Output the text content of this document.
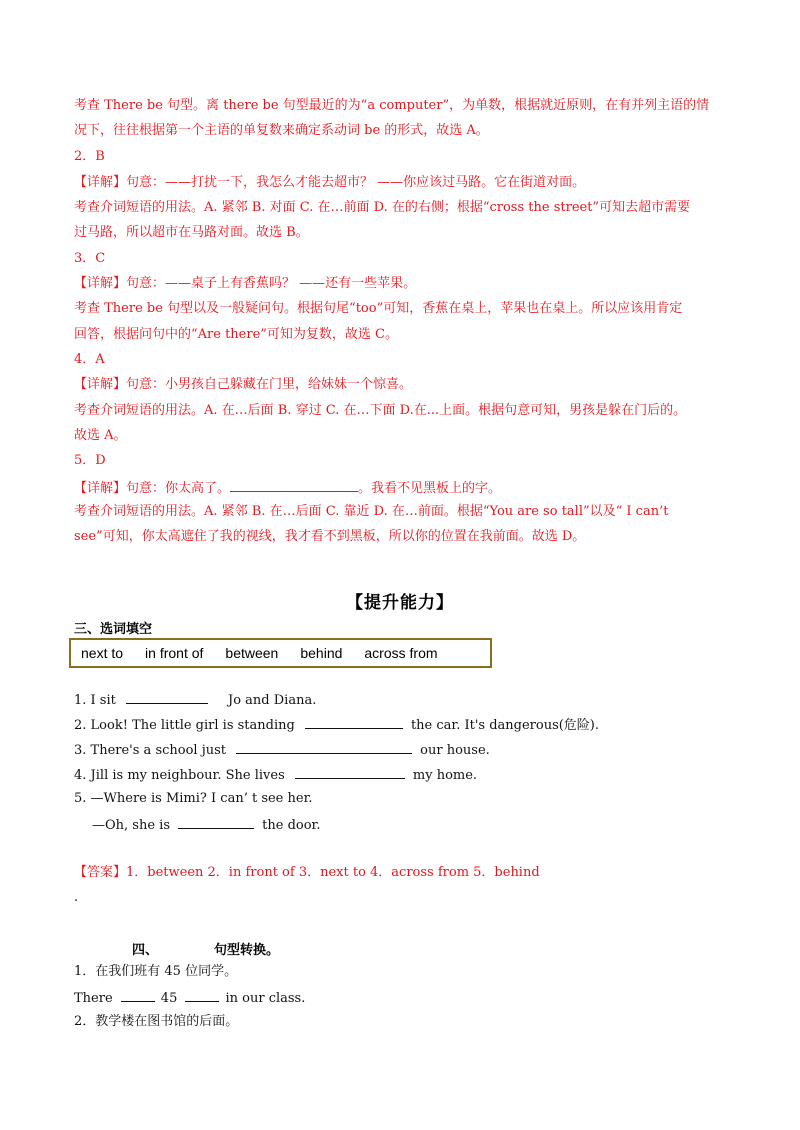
考查 There be 句型。离 there be 句型最近的为“a computer”，为单数，根据就近原则，在有并列主语的情
况下，往往根据第一个主语的单复数来确定系动词 be 的形式，故选 A。
2．B
【详解】句意：——打扰一下，我怎么才能去超市？ ——你应该过马路。它在街道对面。
考查介词短语的用法。A. 紧邻 B. 对面 C. 在…前面 D. 在的右侧；根据“cross the street”可知去超市需要
过马路，所以超市在马路对面。故选 B。
3．C
【详解】句意：——桌子上有香蕉吗？ ——还有一些苹果。
考查 There be 句型以及一般疑问句。根据句尾“too”可知，香蕉在桌上，苹果也在桌上。所以应该用肯定
回答，根据问句中的“Are there”可知为复数，故选 C。
4．A
【详解】句意：小男孩自己躲藏在门里，给妹妹一个惊喜。
考查介词短语的用法。A. 在…后面 B. 穿过 C. 在…下面 D.在...上面。根据句意可知，男孩是躲在门后的。
故选 A。
5．D
【详解】句意：你太高了。	。我看不见黑板上的字。
考查介词短语的用法。A. 紧邻 B. 在…后面 C. 靠近 D. 在…前面。根据“You are so tall”以及“ I can’t
see”可知，你太高遮住了我的视线，我才看不到黑板，所以你的位置在我前面。故选 D。
【提升能力】
三、选词填空
next to in front of between behind across from
1. I sit	Jo and Diana.
2. Look! The little girl is standing	the car. It's dangerous(危险).
3. There's a school just	our house.
4. Jill is my neighbour. She lives	my home.
5. —Where is Mimi? I can’ t see her.
—Oh, she is	the door.
【答案】1．between 2．in front of 3．next to 4．across from 5．behind
.
四、	句型转换。
1．在我们班有 45 位同学。
There	45	in our class.
2．教学楼在图书馆的后面。
